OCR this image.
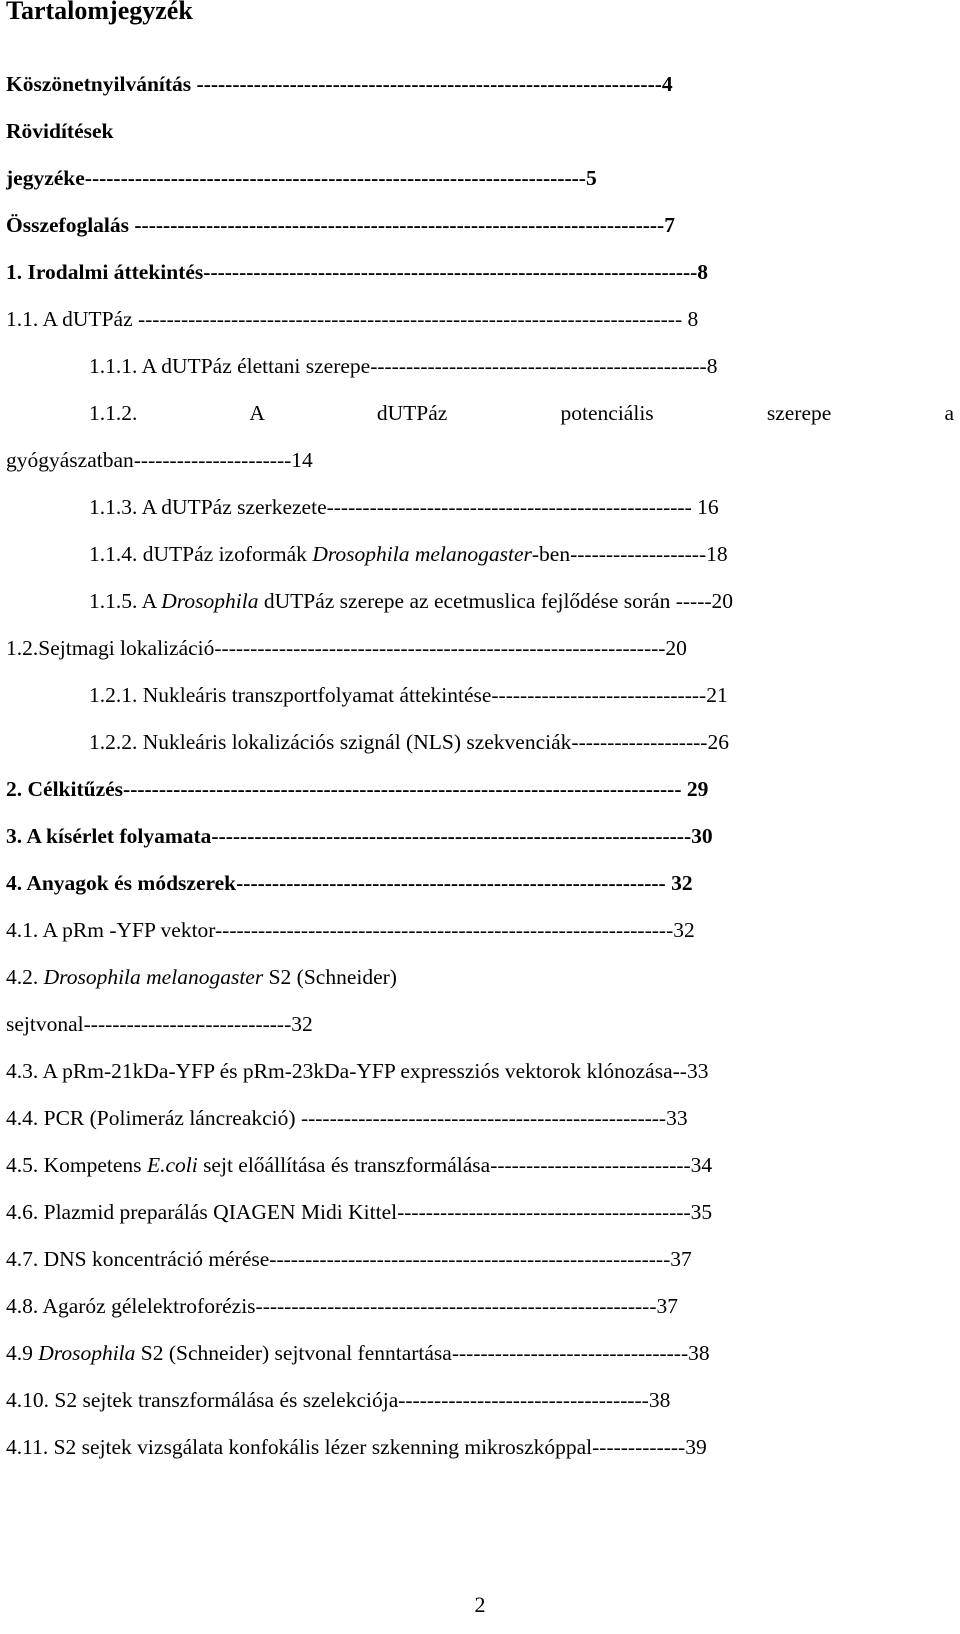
Tartalomjegyzék
Köszönetnyilvánítás -----------------------------------------------------------------4
Rövidítések
jegyzéke----------------------------------------------------------------------5
Összefoglalás --------------------------------------------------------------------------7
1. Irodalmi áttekintés---------------------------------------------------------------------8
1.1. A dUTPáz ---------------------------------------------------------------------------- 8
1.1.1. A dUTPáz élettani szerepe-----------------------------------------------8
1.1.2.	A	dUTPáz	potenciális	szerepe	a
gyógyászatban----------------------14
1.1.3. A dUTPáz szerkezete--------------------------------------------------- 16
1.1.4. dUTPáz izoformák Drosophila melanogaster-ben-------------------18
1.1.5. A Drosophila dUTPáz szerepe az ecetmuslica fejlődése során -----20
1.2.Sejtmagi lokalizáció---------------------------------------------------------------20
1.2.1. Nukleáris transzportfolyamat áttekintése------------------------------21
1.2.2. Nukleáris lokalizációs szignál (NLS) szekvenciák-------------------26
2. Célkitűzés------------------------------------------------------------------------------ 29
3. A kísérlet folyamata-------------------------------------------------------------------30
4. Anyagok és módszerek------------------------------------------------------------ 32
4.1. A pRm -YFP vektor----------------------------------------------------------------32
4.2. Drosophila melanogaster S2 (Schneider)
sejtvonal-----------------------------32
4.3. A pRm-21kDa-YFP és pRm-23kDa-YFP expressziós vektorok klónozása--33
4.4. PCR (Polimeráz láncreakció) ---------------------------------------------------33
4.5. Kompetens E.coli sejt előállítása és transzformálása----------------------------34
4.6. Plazmid preparálás QIAGEN Midi Kittel-----------------------------------------35
4.7. DNS koncentráció mérése--------------------------------------------------------37
4.8. Agaróz gélelektroforézis--------------------------------------------------------37
4.9 Drosophila S2 (Schneider) sejtvonal fenntartása---------------------------------38
4.10. S2 sejtek transzformálása és szelekciója-----------------------------------38
4.11. S2 sejtek vizsgálata konfokális lézer szkenning mikroszkóppal-------------39
2
